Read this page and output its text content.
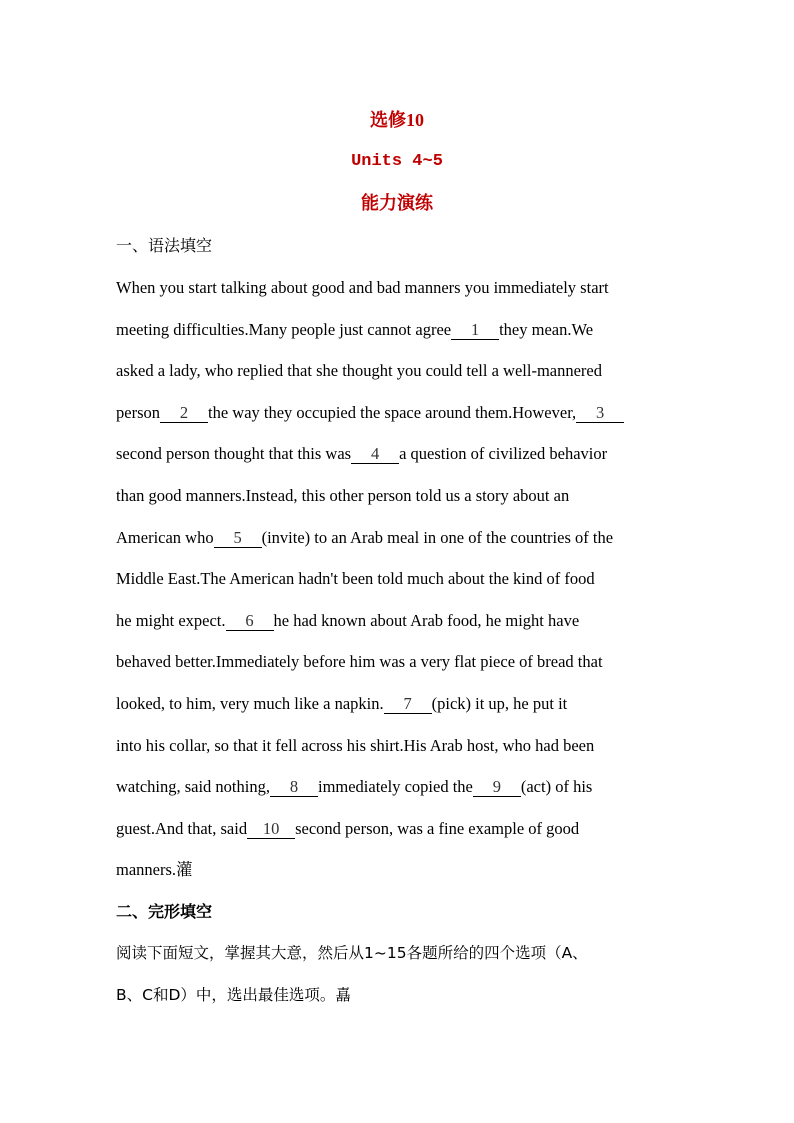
选修10
Units 4~5
能力演练
一、语法填空
When you start talking about good and bad manners you immediately start
meeting difficulties.Many people just cannot agree 1 they mean.We
asked a lady, who replied that she thought you could tell a well-mannered
person 2 the way they occupied the space around them.However, 3
second person thought that this was 4 a question of civilized behavior
than good manners.Instead, this other person told us a story about an
American who 5 (invite) to an Arab meal in one of the countries of the
Middle East.The American hadn't been told much about the kind of food
he might expect. 6 he had known about Arab food, he might have
behaved better.Immediately before him was a very flat piece of bread that
looked, to him, very much like a napkin. 7 (pick) it up, he put it
into his collar, so that it fell across his shirt.His Arab host, who had been
watching, said nothing, 8 immediately copied the 9 (act) of his
guest.And that, said 10 second person, was a fine example of good
manners.灌
二、完形填空
阅读下面短文，掌握其大意，然后从1~15各题所给的四个选项（A、
B、C和D）中，选出最佳选项。嚞
